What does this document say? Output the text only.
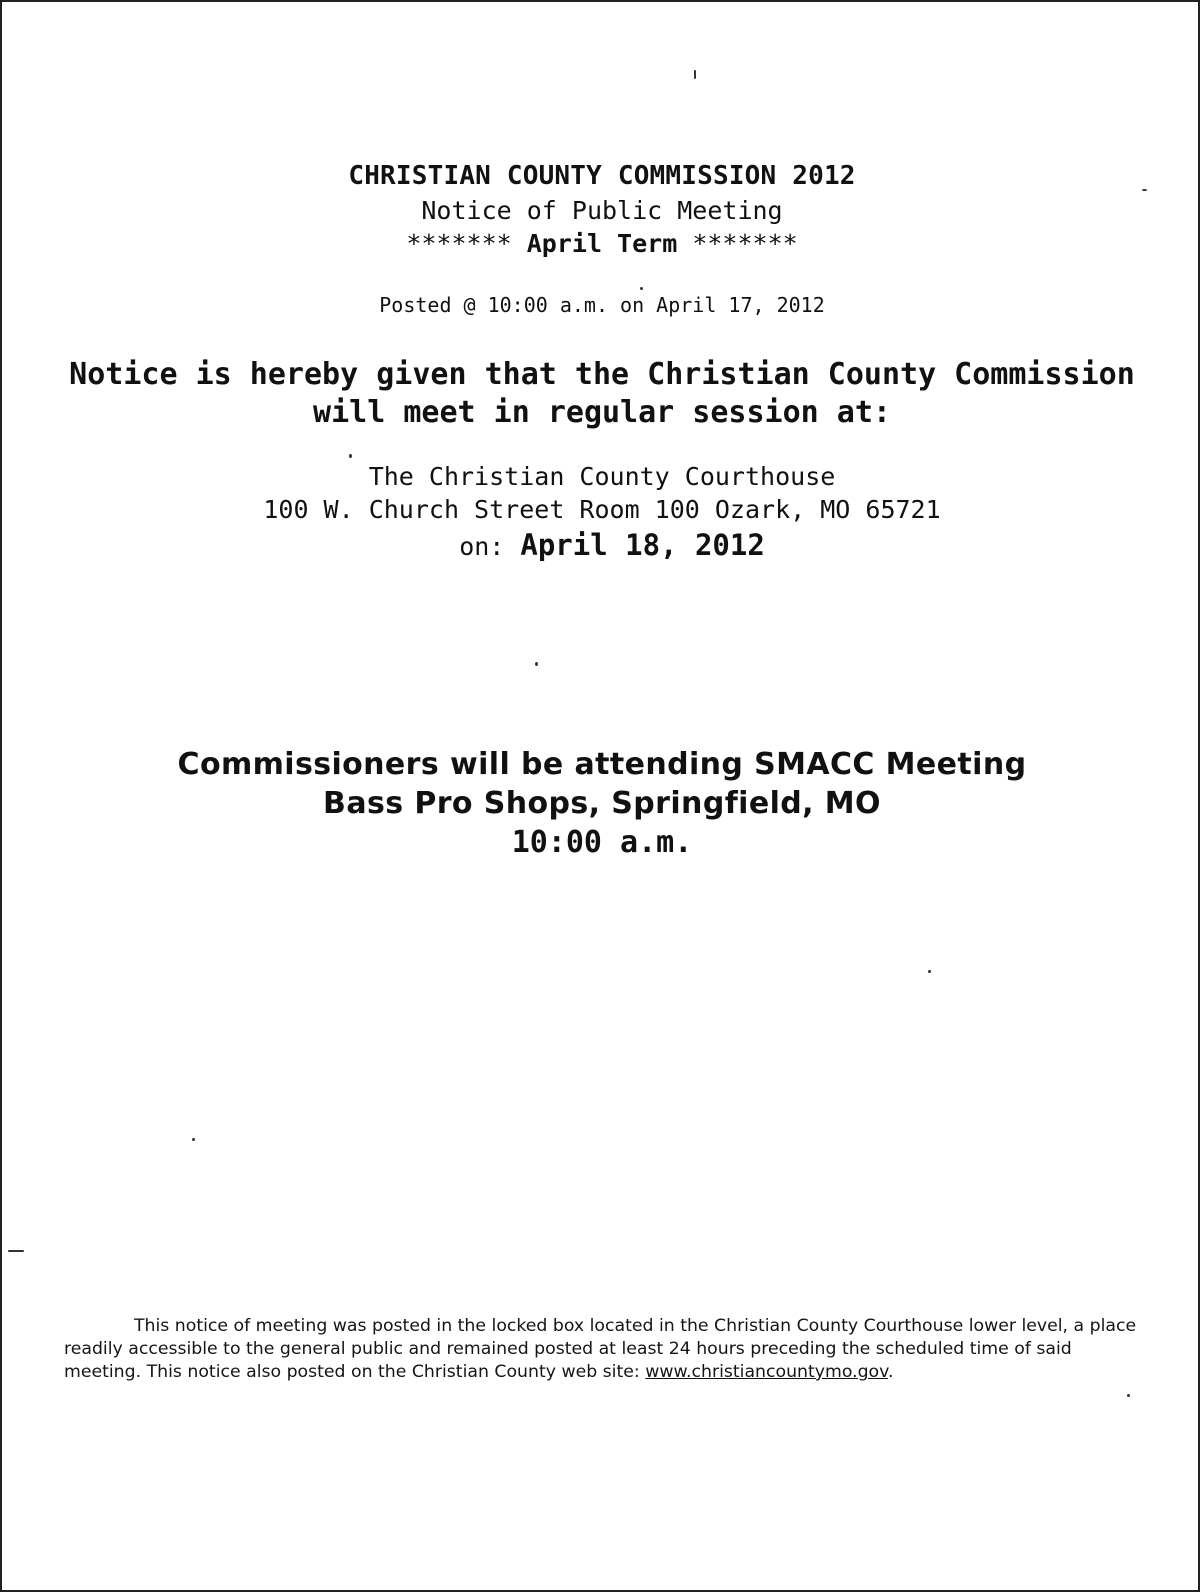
CHRISTIAN COUNTY COMMISSION 2012
Notice of Public Meeting
******* April Term *******
Posted @ 10:00 a.m. on April 17, 2012
Notice is hereby given that the Christian County Commission
will meet in regular session at:
The Christian County Courthouse
100 W. Church Street Room 100 Ozark, MO 65721
on: April 18, 2012
Commissioners will be attending SMACC Meeting
Bass Pro Shops, Springfield, MO
10:00 a.m.
This notice of meeting was posted in the locked box located in the Christian County Courthouse lower level, a place readily accessible to the general public and remained posted at least 24 hours preceding the scheduled time of said meeting. This notice also posted on the Christian County web site: www.christiancountymo.gov.
